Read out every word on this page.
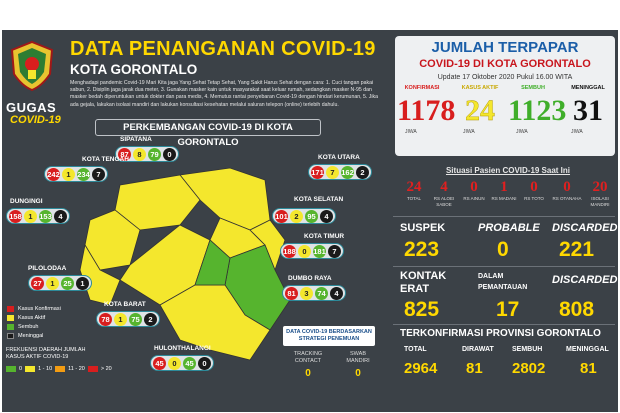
GUGAS
COVID-19
DATA PENANGANAN COVID-19
KOTA GORONTALO
Menghadapi pandemic Covid-19 Mari Kita jaga Yang Sehat Tetap Sehat, Yang Sakit Harus Sehat dengan cara: 1. Cuci tangan pakai sabun, 2. Disiplin jaga jarak dua meter, 3. Gunakan masker kain untuk masyarakat saat keluar rumah, sedangkan masker N-95 dan masker bedah diperuntukan untuk dokter dan para medis, 4. Memutus rantai penyebaran Covid-19 dengan hindari kerumunan, 5. Jika ada gejala, lakukan isolasi mandiri dan lakukan konsultasi kesehatan melalui saluran telepon (online) terlebih dahulu.
PERKEMBANGAN COVID-19 DI KOTA GORONTALO
SIPATANA
87	8	79	0
KOTA TENGAH
242 1 234 7
KOTA UTARA
171 7 162 2
DUNGINGI
158 1 153 4
KOTA SELATAN
101 2	95	4
KOTA TIMUR
188 0 181 7
PILOLODAA
27	1	25	1	DUMBO RAYA
81	3	74	4
KOTA BARAT
78	1	75	2
HULONTHALANGI
45	0	45	0
Kasus Konfirmasi
Kasus Aktif
Sembuh
Meninggal
FREKUENSI DAERAH JUMLAH KASUS AKTIF COVID-19
0	1 - 10	11 - 20	> 20
DATA COVID-19 BERDASARKAN STRATEGI PENEMUAN
TRACKING CONTACT
0
SWAB MANDIRI
0
JUMLAH TERPAPAR
COVID-19 DI KOTA GORONTALO
Update 17 Oktober 2020 Pukul 16.00 WITA
KONFIRMASI
1178
JIWA
KASUS AKTIF
24
JIWA
SEMBUH
1123
JIWA
MENINGGAL
31
JIWA
Situasi Pasien COVID-19 Saat Ini
24
TOTAL
4
RS ALOEI SABOE
0
RS AINUN
1
RS MADANI
0
RS TOTO
0
RS OTANAHA
20
ISOLASI MANDIRI
SUSPEK
223
PROBABLE
0
DISCARDED
221
KONTAK
ERAT
825
DALAM
PEMANTAUAN
17
DISCARDED
808
TERKONFIRMASI PROVINSI GORONTALO
TOTAL
2964
DIRAWAT
81
SEMBUH
2802
MENINGGAL
81
